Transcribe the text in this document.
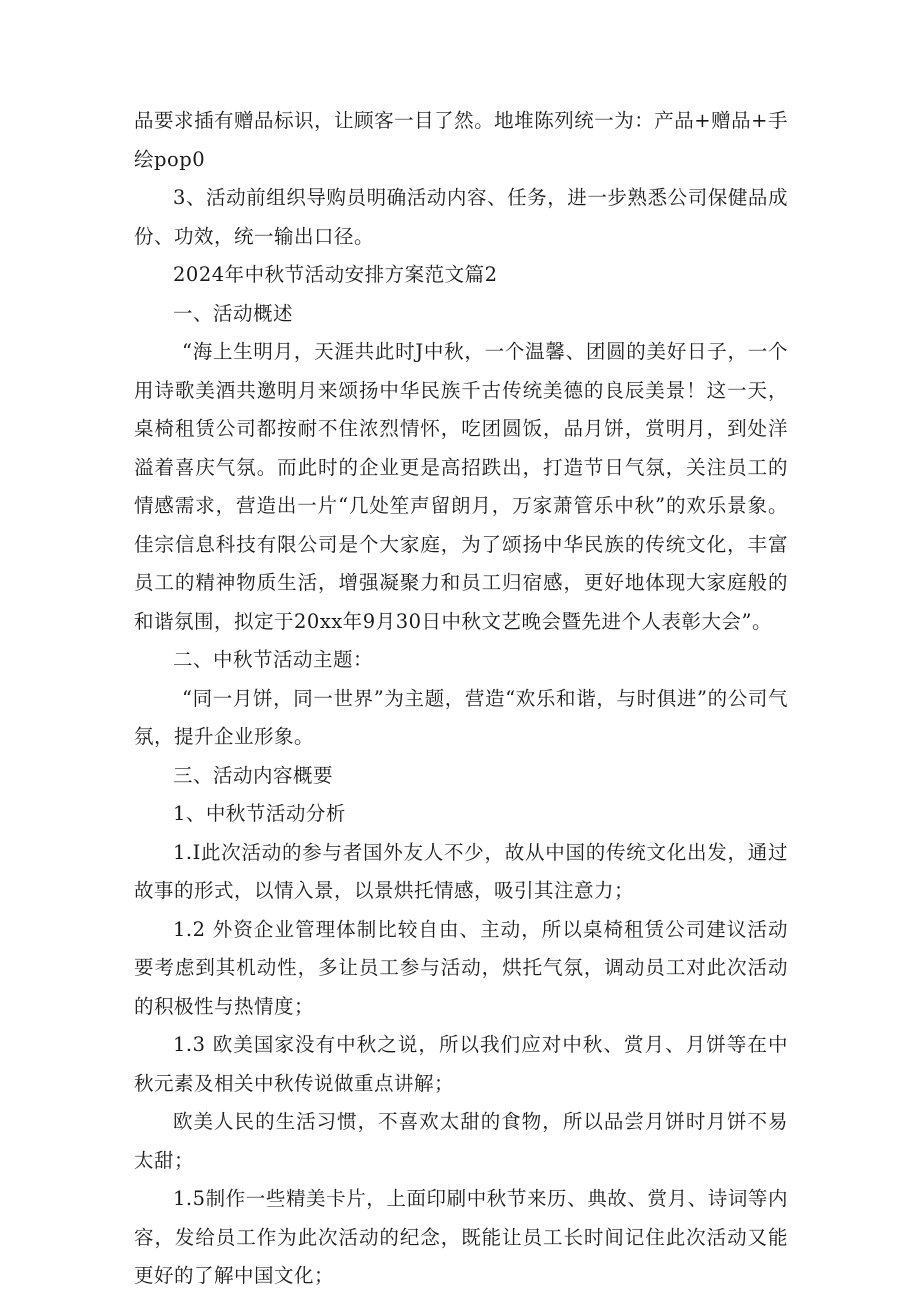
品要求插有赠品标识，让顾客一目了然。地堆陈列统一为：产品+赠品+手绘pop0

3、活动前组织导购员明确活动内容、任务，进一步熟悉公司保健品成份、功效，统一输出口径。

2024年中秋节活动安排方案范文篇2

一、活动概述

“海上生明月，天涯共此时J中秋，一个温馨、团圆的美好日子，一个用诗歌美酒共邀明月来颂扬中华民族千古传统美德的良辰美景！这一天，桌椅租赁公司都按耐不住浓烈情怀，吃团圆饭，品月饼，赏明月，到处洋溢着喜庆气氛。而此时的企业更是高招跌出，打造节日气氛，关注员工的情感需求，营造出一片“几处笙声留朗月，万家萧管乐中秋”的欢乐景象。佳宗信息科技有限公司是个大家庭，为了颂扬中华民族的传统文化，丰富员工的精神物质生活，增强凝聚力和员工归宿感，更好地体现大家庭般的和谐氛围，拟定于20xx年9月30日中秋文艺晚会暨先进个人表彰大会”。

二、中秋节活动主题：

“同一月饼，同一世界”为主题，营造“欢乐和谐，与时俱进”的公司气氛，提升企业形象。

三、活动内容概要

1、中秋节活动分析

1.I此次活动的参与者国外友人不少，故从中国的传统文化出发，通过故事的形式，以情入景，以景烘托情感，吸引其注意力；

1.2 外资企业管理体制比较自由、主动，所以桌椅租赁公司建议活动要考虑到其机动性，多让员工参与活动，烘托气氛，调动员工对此次活动的积极性与热情度；

1.3 欧美国家没有中秋之说，所以我们应对中秋、赏月、月饼等在中秋元素及相关中秋传说做重点讲解；

欧美人民的生活习惯，不喜欢太甜的食物，所以品尝月饼时月饼不易太甜；

1.5制作一些精美卡片，上面印刷中秋节来历、典故、赏月、诗词等内容，发给员工作为此次活动的纪念，既能让员工长时间记住此次活动又能更好的了解中国文化；
